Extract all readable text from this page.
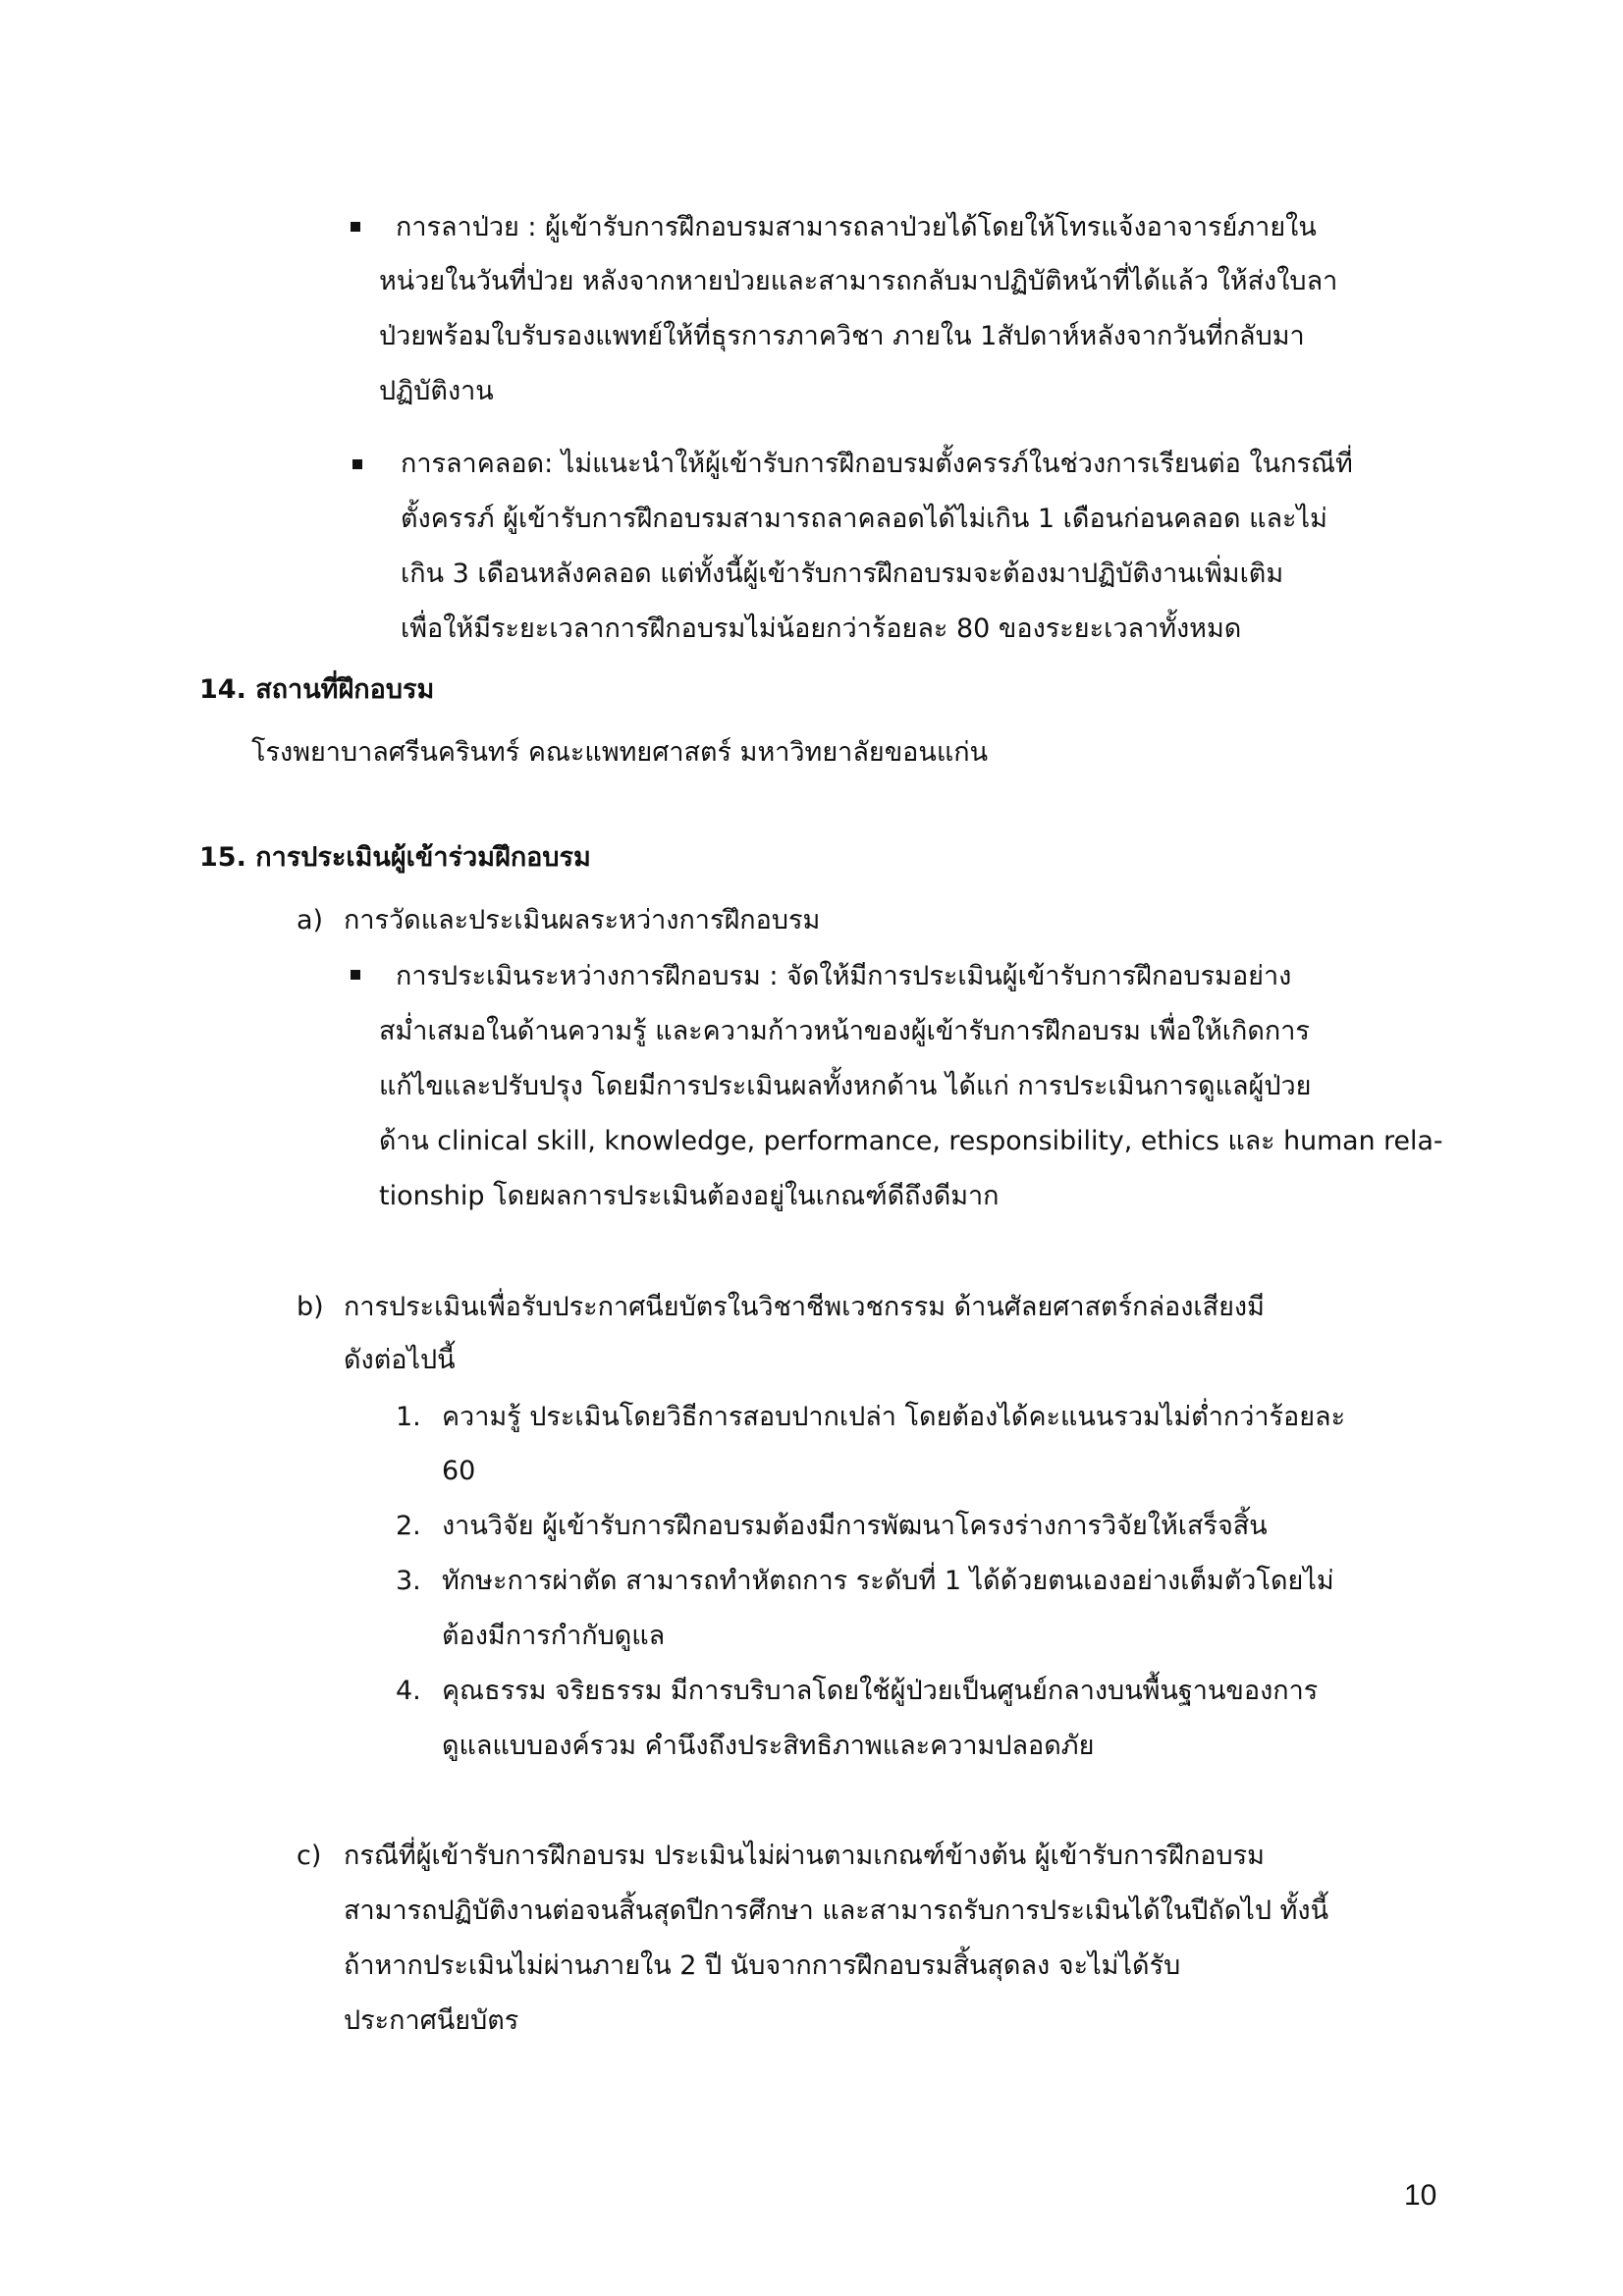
การลาป่วย : ผู้เข้ารับการฝึกอบรมสามารถลาป่วยได้โดยให้โทรแจ้งอาจารย์ภายใน
หน่วยในวันที่ป่วย หลังจากหายป่วยและสามารถกลับมาปฏิบัติหน้าที่ได้แล้ว ให้ส่งใบลา
ป่วยพร้อมใบรับรองแพทย์ให้ที่ธุรการภาควิชา ภายใน 1สัปดาห์หลังจากวันที่กลับมา
ปฏิบัติงาน
การลาคลอด: ไม่แนะนำให้ผู้เข้ารับการฝึกอบรมตั้งครรภ์ในช่วงการเรียนต่อ ในกรณีที่
ตั้งครรภ์ ผู้เข้ารับการฝึกอบรมสามารถลาคลอดได้ไม่เกิน 1 เดือนก่อนคลอด และไม่
เกิน 3 เดือนหลังคลอด แต่ทั้งนี้ผู้เข้ารับการฝึกอบรมจะต้องมาปฏิบัติงานเพิ่มเติม
เพื่อให้มีระยะเวลาการฝึกอบรมไม่น้อยกว่าร้อยละ 80 ของระยะเวลาทั้งหมด
14. สถานที่ฝึกอบรม
โรงพยาบาลศรีนครินทร์ คณะแพทยศาสตร์ มหาวิทยาลัยขอนแก่น
15. การประเมินผู้เข้าร่วมฝึกอบรม
a) การวัดและประเมินผลระหว่างการฝึกอบรม
การประเมินระหว่างการฝึกอบรม : จัดให้มีการประเมินผู้เข้ารับการฝึกอบรมอย่าง
สม่ำเสมอในด้านความรู้ และความก้าวหน้าของผู้เข้ารับการฝึกอบรม เพื่อให้เกิดการ
แก้ไขและปรับปรุง โดยมีการประเมินผลทั้งหกด้าน ได้แก่ การประเมินการดูแลผู้ป่วย
ด้าน clinical skill, knowledge, performance, responsibility, ethics และ human rela-
tionship โดยผลการประเมินต้องอยู่ในเกณฑ์ดีถึงดีมาก
b) การประเมินเพื่อรับประกาศนียบัตรในวิชาชีพเวชกรรม ด้านศัลยศาสตร์กล่องเสียงมี
ดังต่อไปนี้
1. ความรู้ ประเมินโดยวิธีการสอบปากเปล่า โดยต้องได้คะแนนรวมไม่ต่ำกว่าร้อยละ
60
2. งานวิจัย ผู้เข้ารับการฝึกอบรมต้องมีการพัฒนาโครงร่างการวิจัยให้เสร็จสิ้น
3. ทักษะการผ่าตัด สามารถทำหัตถการ ระดับที่ 1 ได้ด้วยตนเองอย่างเต็มตัวโดยไม่
ต้องมีการกำกับดูแล
4. คุณธรรม จริยธรรม มีการบริบาลโดยใช้ผู้ป่วยเป็นศูนย์กลางบนพื้นฐานของการ
ดูแลแบบองค์รวม คำนึงถึงประสิทธิภาพและความปลอดภัย
c) กรณีที่ผู้เข้ารับการฝึกอบรม ประเมินไม่ผ่านตามเกณฑ์ข้างต้น ผู้เข้ารับการฝึกอบรม
สามารถปฏิบัติงานต่อจนสิ้นสุดปีการศึกษา และสามารถรับการประเมินได้ในปีถัดไป ทั้งนี้
ถ้าหากประเมินไม่ผ่านภายใน 2 ปี นับจากการฝึกอบรมสิ้นสุดลง จะไม่ได้รับ
ประกาศนียบัตร
10
